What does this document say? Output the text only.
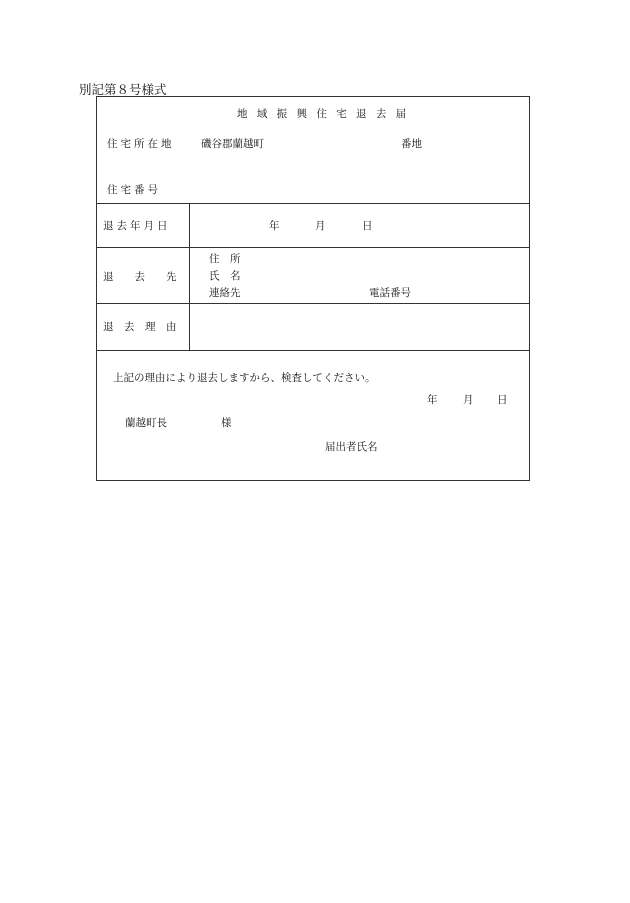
別記第８号様式
地 域 振 興 住 宅 退 去 届
住宅所在地	磯谷郡蘭越町	番地
住宅番号
退去年月日	年	月	日
退　　去　　先
住　所
氏　名
連絡先	電話番号
退　去　理　由
上記の理由により退去しますから、検査してください。
年 月 日
蘭越町長	様
届出者氏名
